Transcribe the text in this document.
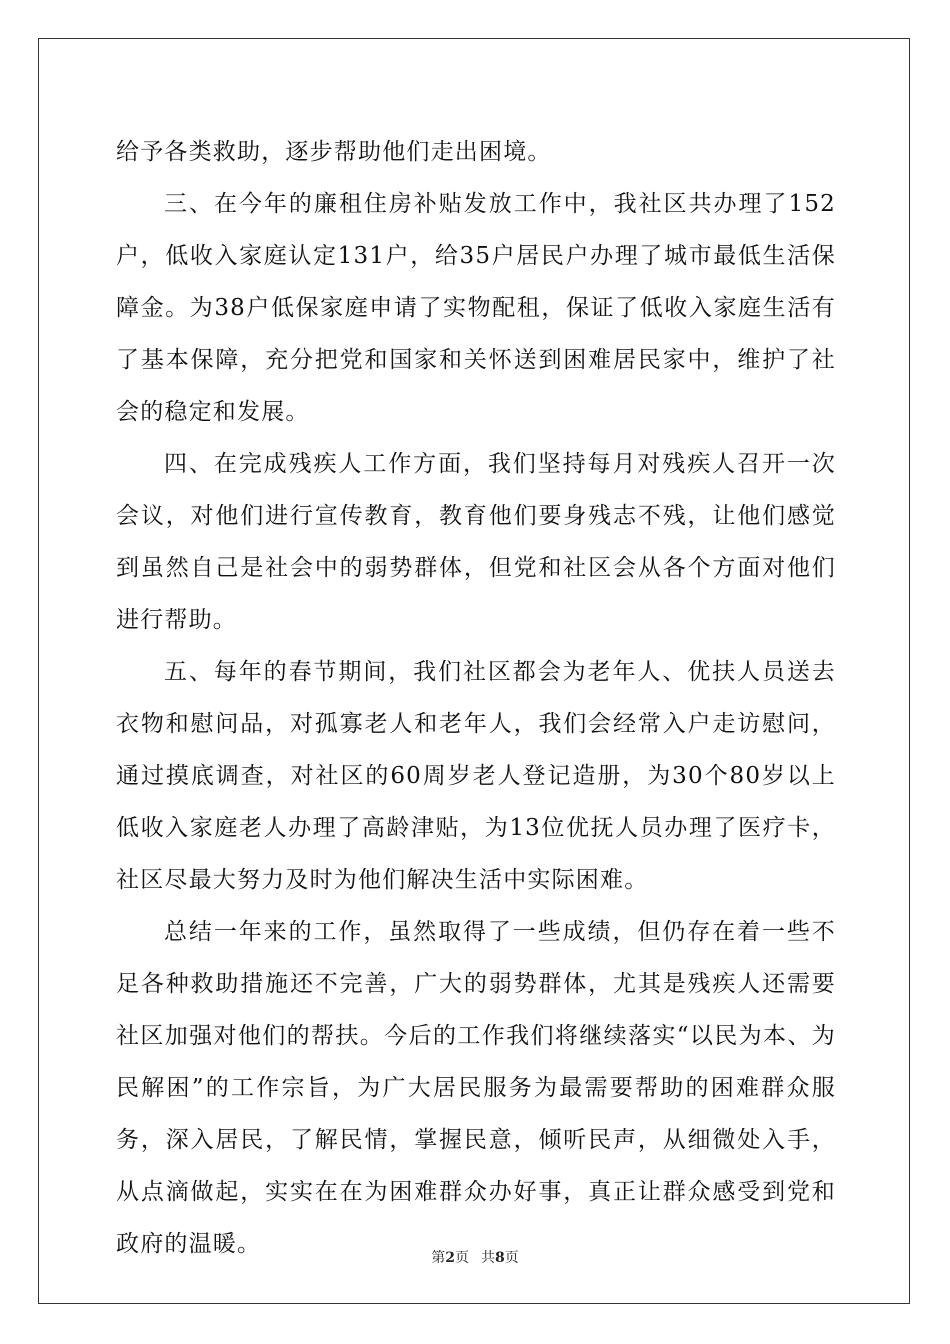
给予各类救助，逐步帮助他们走出困境。

三、在今年的廉租住房补贴发放工作中，我社区共办理了152户，低收入家庭认定131户，给35户居民户办理了城市最低生活保障金。为38户低保家庭申请了实物配租，保证了低收入家庭生活有了基本保障，充分把党和国家和关怀送到困难居民家中，维护了社会的稳定和发展。

四、在完成残疾人工作方面，我们坚持每月对残疾人召开一次会议，对他们进行宣传教育，教育他们要身残志不残，让他们感觉到虽然自己是社会中的弱势群体，但党和社区会从各个方面对他们进行帮助。

五、每年的春节期间，我们社区都会为老年人、优扶人员送去衣物和慰问品，对孤寡老人和老年人，我们会经常入户走访慰问，通过摸底调查，对社区的60周岁老人登记造册，为30个80岁以上低收入家庭老人办理了高龄津贴，为13位优抚人员办理了医疗卡，社区尽最大努力及时为他们解决生活中实际困难。

总结一年来的工作，虽然取得了一些成绩，但仍存在着一些不足各种救助措施还不完善，广大的弱势群体，尤其是残疾人还需要社区加强对他们的帮扶。今后的工作我们将继续落实“以民为本、为民解困”的工作宗旨，为广大居民服务为最需要帮助的困难群众服务，深入居民，了解民情，掌握民意，倾听民声，从细微处入手，从点滴做起，实实在在为困难群众办好事，真正让群众感受到党和政府的温暖。

第2页 共8页
